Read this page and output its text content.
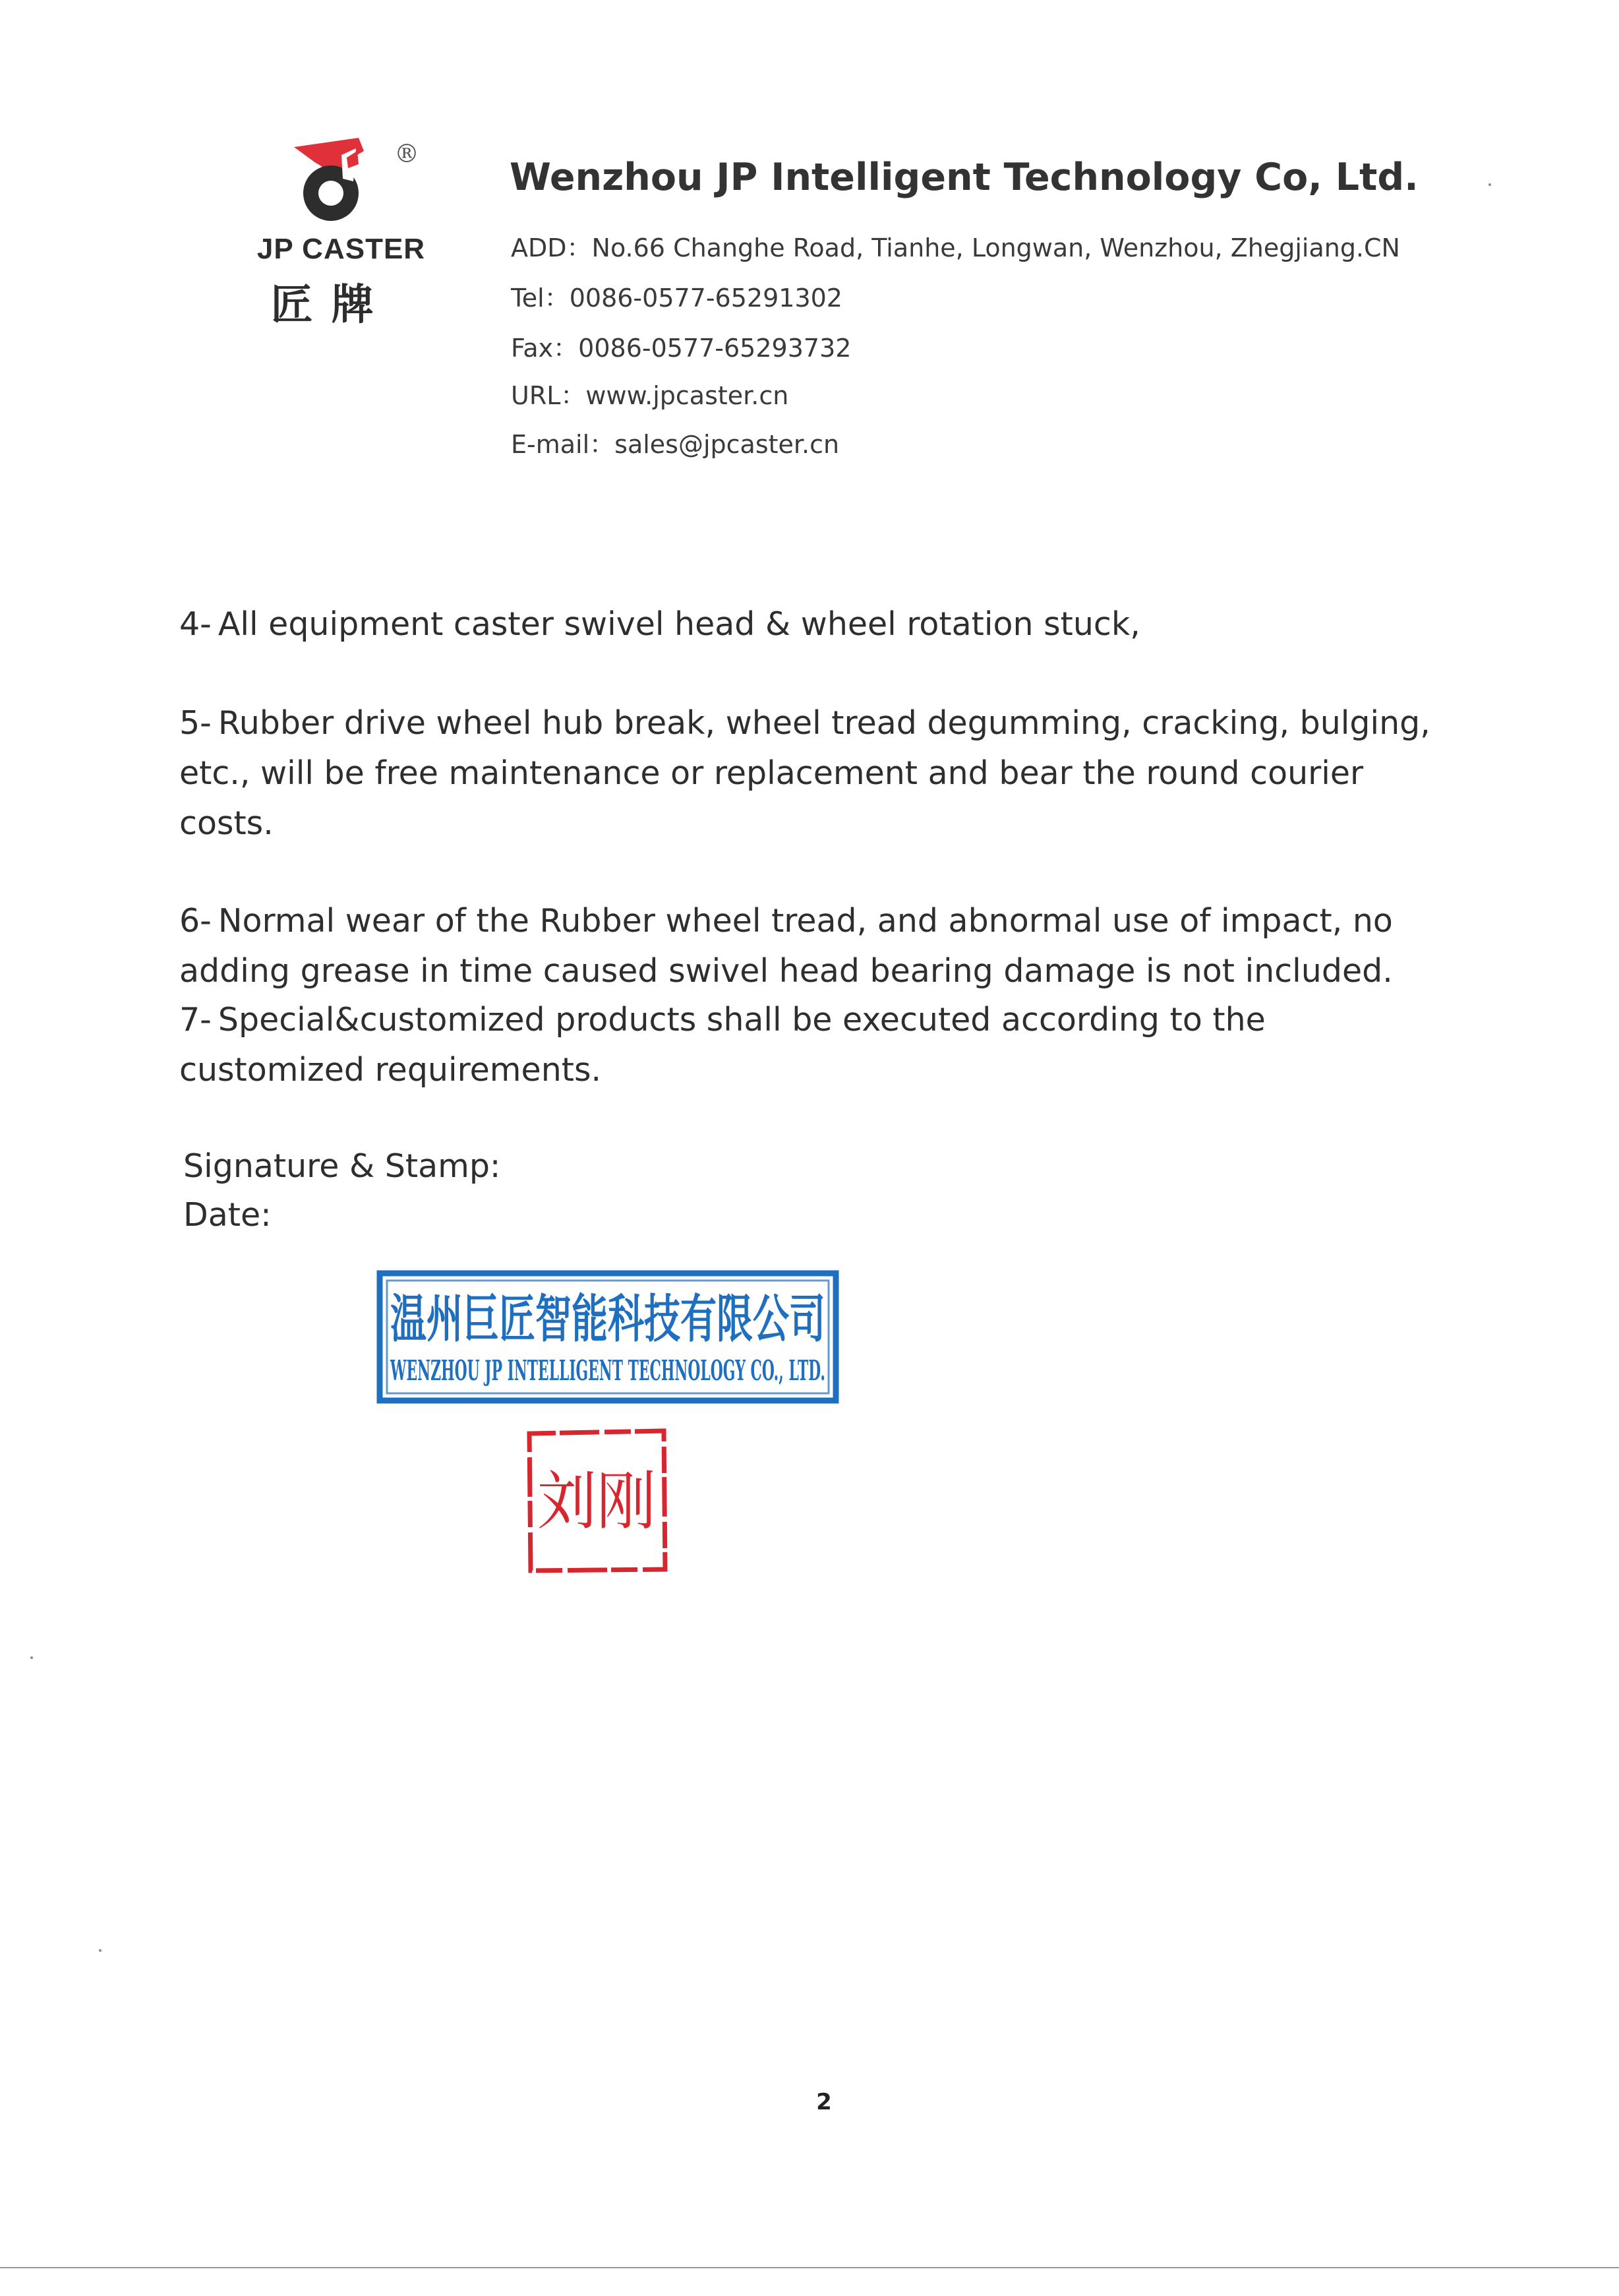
®
JP CASTER
匠牌
Wenzhou JP Intelligent Technology Co, Ltd.
ADD ： No.66 Changhe Road, Tianhe, Longwan, Wenzhou, Zhegjiang.CN
Tel ： 0086-0577-65291302
Fax ： 0086-0577-65293732
URL ： www.jpcaster.cn
E-mail ： sales@jpcaster.cn

4- All equipment caster swivel head & wheel rotation stuck,

5- Rubber drive wheel hub break, wheel tread degumming, cracking, bulging, etc., will be free maintenance or replacement and bear the round courier costs.

6- Normal wear of the Rubber wheel tread, and abnormal use of impact, no adding grease in time caused swivel head bearing damage is not included.

7- Special&customized products shall be executed according to the customized requirements.

Signature & Stamp:
Date:
温州巨匠智能科技有限公司
WENZHOU JP INTELLIGENT TECHNOLOGY CO., LTD.
刘刚
2
